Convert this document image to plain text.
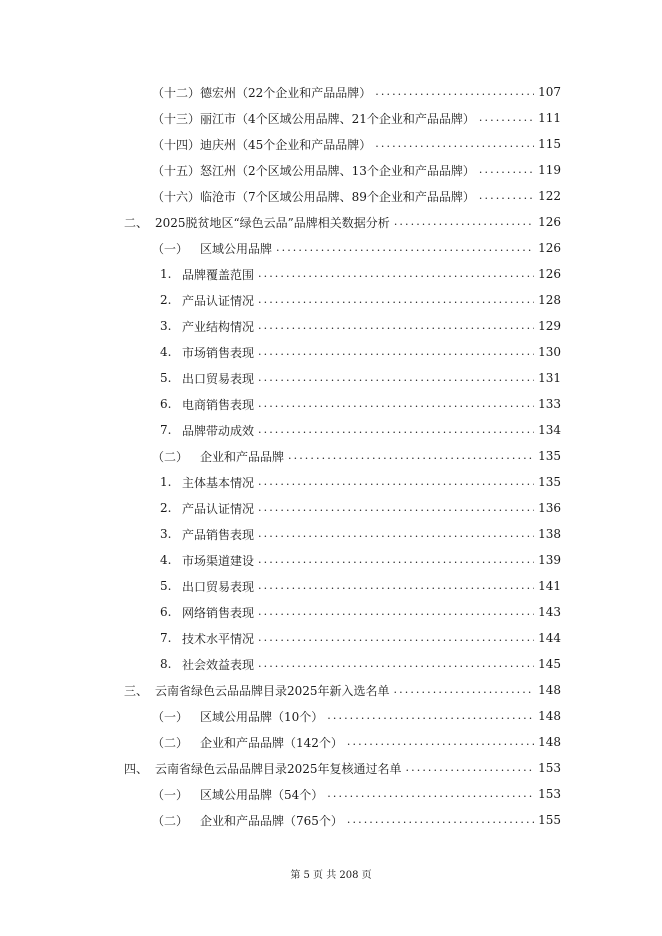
（十二） 德宏州（22个企业和产品品牌） .....	107
（十三） 丽江市（4个区域公用品牌、21个企业和产品品牌） .....	111
（十四） 迪庆州（45个企业和产品品牌） .....	115
（十五） 怒江州（2个区域公用品牌、13个企业和产品品牌） .....	119
（十六） 临沧市（7个区域公用品牌、89个企业和产品品牌） .....	122
二、 2025脱贫地区“绿色云品”品牌相关数据分析 .....	126
（一） 区域公用品牌 .....	126
1. 品牌覆盖范围 .....	126
2. 产品认证情况 .....	128
3. 产业结构情况 .....	129
4. 市场销售表现 .....	130
5. 出口贸易表现 .....	131
6. 电商销售表现 .....	133
7. 品牌带动成效 .....	134
（二） 企业和产品品牌 .....	135
1. 主体基本情况 .....	135
2. 产品认证情况 .....	136
3. 产品销售表现 .....	138
4. 市场渠道建设 .....	139
5. 出口贸易表现 .....	141
6. 网络销售表现 .....	143
7. 技术水平情况 .....	144
8. 社会效益表现 .....	145
三、 云南省绿色云品品牌目录2025年新入选名单 .....	148
（一） 区域公用品牌（10个） .....	148
（二） 企业和产品品牌（142个） .....	148
四、 云南省绿色云品品牌目录2025年复核通过名单 .....	153
（一） 区域公用品牌（54个） .....	153
（二） 企业和产品品牌（765个） .....	155
第 5 页 共 208 页
